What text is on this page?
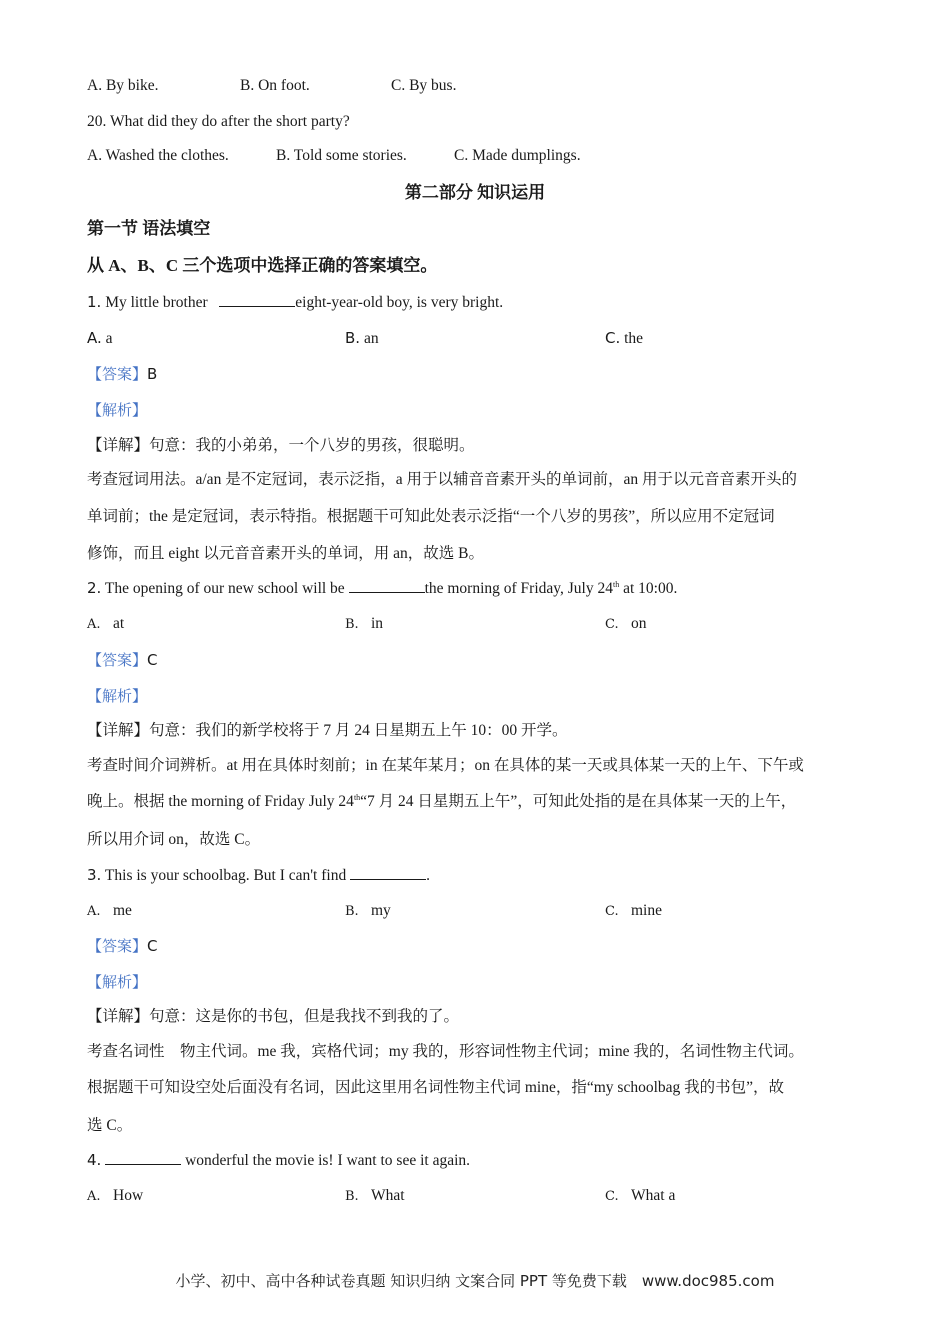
A. By bike.	B. On foot.	C. By bus.
20. What did they do after the short party?
A. Washed the clothes.	B. Told some stories.	C. Made dumplings.
第二部分 知识运用
第一节 语法填空
从 A、B、C 三个选项中选择正确的答案填空。
1. My little brother	eight-year-old boy, is very bright.
A. a	B. an	C. the
【答案】B
【解析】
【详解】句意：我的小弟弟，一个八岁的男孩，很聪明。
考查冠词用法。a/an 是不定冠词，表示泛指，a 用于以辅音音素开头的单词前，an 用于以元音音素开头的
单词前；the 是定冠词，表示特指。根据题干可知此处表示泛指“一个八岁的男孩”，所以应用不定冠词
修饰，而且 eight 以元音音素开头的单词，用 an，故选 B。
2. The opening of our new school will be	the morning of Friday, July 24th at 10:00.
A. at	B. in	C. on
【答案】C
【解析】
【详解】句意：我们的新学校将于 7 月 24 日星期五上午 10：00 开学。
考查时间介词辨析。at 用在具体时刻前；in 在某年某月；on 在具体的某一天或具体某一天的上午、下午或
晚上。根据 the morning of Friday July 24th“7 月 24 日星期五上午”，可知此处指的是在具体某一天的上午，
所以用介词 on，故选 C。
3. This is your schoolbag. But I can't find	.
A. me	B. my	C. mine
【答案】C
【解析】
【详解】句意：这是你的书包，但是我找不到我的了。
考查名词性　物主代词。me 我，宾格代词；my 我的，形容词性物主代词；mine 我的，名词性物主代词。
根据题干可知设空处后面没有名词，因此这里用名词性物主代词 mine，指“my schoolbag 我的书包”，故
选 C。
4.	wonderful the movie is! I want to see it again.
A. How	B. What	C. What a
小学、初中、高中各种试卷真题 知识归纳 文案合同 PPT 等免费下载　www.doc985.com
